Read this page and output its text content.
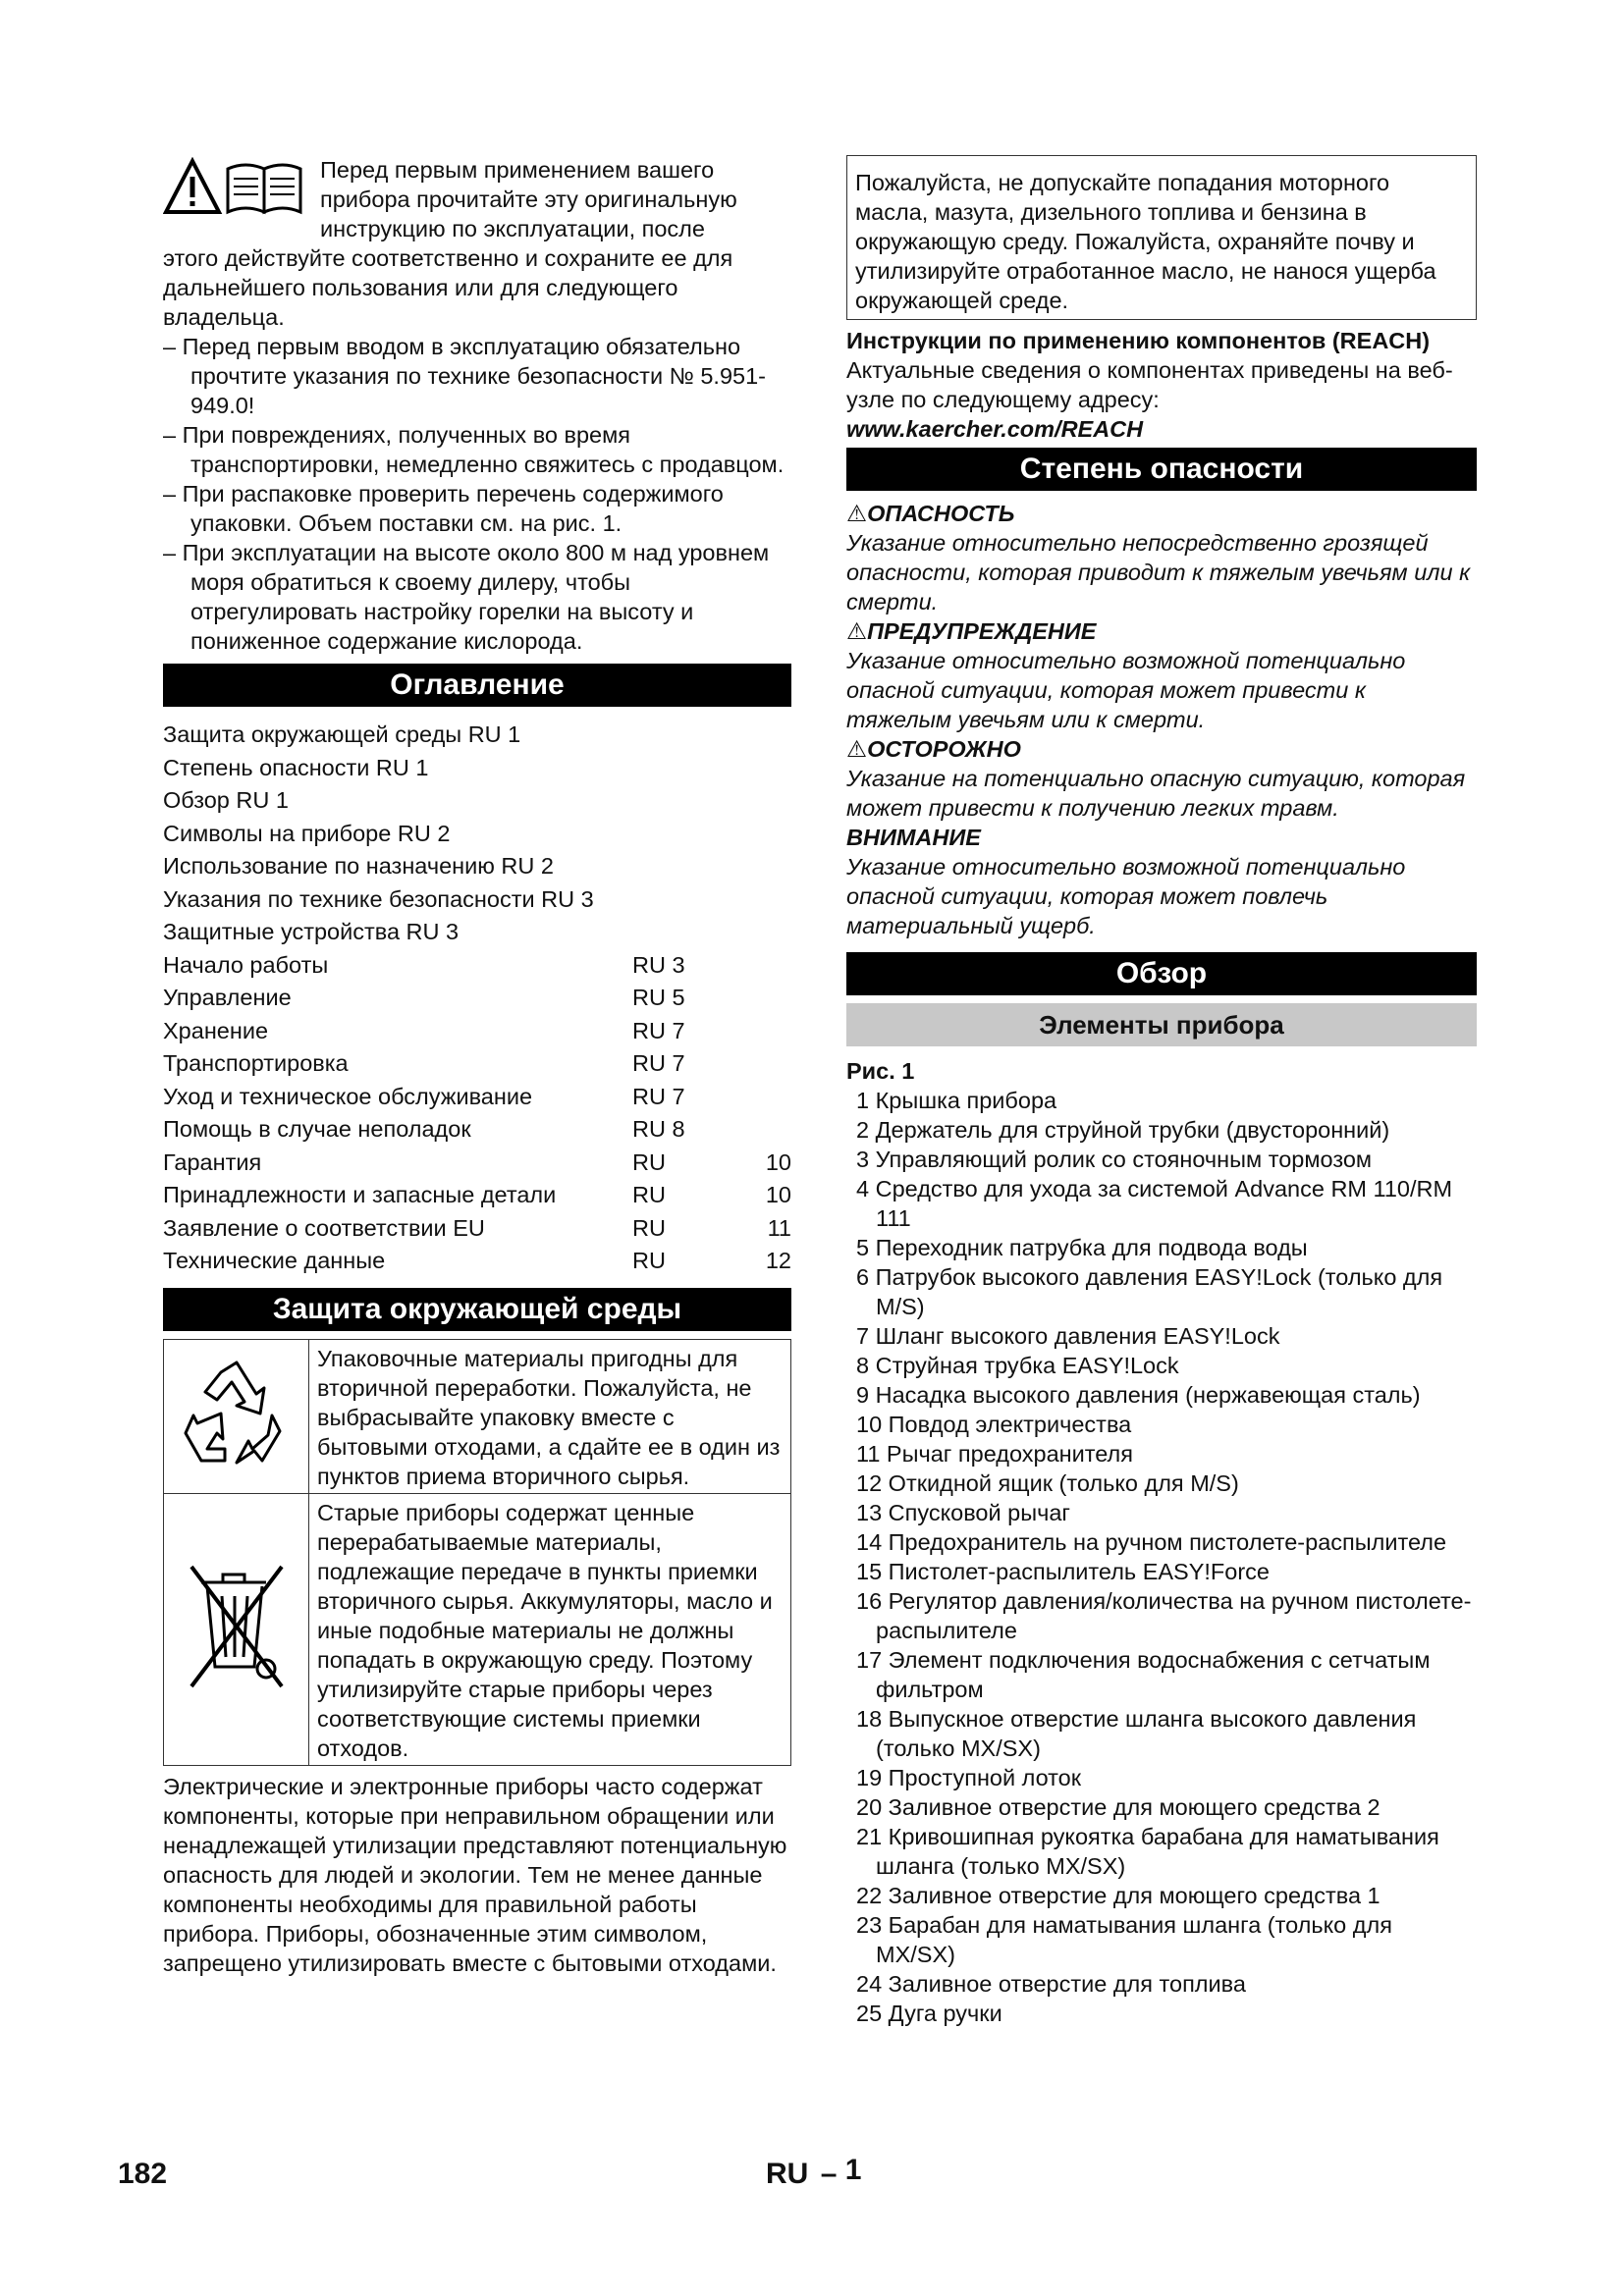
Перед первым применением вашего прибора прочитайте эту оригинальную инструкцию по эксплуатации, после

этого действуйте соответственно и сохраните ее для дальнейшего пользования или для следующего владельца.

– Перед первым вводом в эксплуатацию обязательно прочтите указания по технике безопасности № 5.951-949.0!

– При повреждениях, полученных во время транспортировки, немедленно свяжитесь с продавцом.

– При распаковке проверить перечень содержимого упаковки. Объем поставки см. на рис. 1.

– При эксплуатации на высоте около 800 м над уровнем моря обратиться к своему дилеру, чтобы отрегулировать настройку горелки на высоту и пониженное содержание кислорода.

Оглавление
Защита окружающей среды RU 1
Степень опасности RU 1
Обзор RU 1
Символы на приборе RU 2
Использование по назначению RU 2
Указания по технике безопасности RU 3
Защитные устройства RU 3
Начало работы	RU 3
Управление	RU 5
Хранение	RU 7
Транспортировка	RU 7
Уход и техническое обслуживание	RU 7
Помощь в случае неполадок	RU 8
Гарантия	RU	10
Принадлежности и запасные детали	RU	10
Заявление о соответствии EU	RU	11
Технические данные	RU	12
Защита окружающей среды
	Упаковочные материалы пригодны для вторичной переработки. Пожалуйста, не выбрасывайте упаковку вместе с бытовыми отходами, а сдайте ее в один из пунктов приема вторичного сырья.
	Старые приборы содержат ценные перерабатываемые материалы, подлежащие передаче в пункты приемки вторичного сырья. Аккумуляторы, масло и иные подобные материалы не должны попадать в окружающую среду. Поэтому утилизируйте старые приборы через соответствующие системы приемки отходов.

Электрические и электронные приборы часто содержат компоненты, которые при неправильном обращении или ненадлежащей утилизации представляют потенциальную опасность для людей и экологии. Тем не менее данные компоненты необходимы для правильной работы прибора. Приборы, обозначенные этим символом, запрещено утилизировать вместе с бытовыми отходами.

Пожалуйста, не допускайте попадания моторного масла, мазута, дизельного топлива и бензина в окружающую среду. Пожалуйста, охраняйте почву и утилизируйте отработанное масло, не нанося ущерба окружающей среде.

Инструкции по применению компонентов (REACH)

Актуальные сведения о компонентах приведены на веб-узле по следующему адресу:

www.kaercher.com/REACH

Степень опасности

⚠ОПАСНОСТЬ

Указание относительно непосредственно грозящей опасности, которая приводит к тяжелым увечьям или к смерти.

⚠ПРЕДУПРЕЖДЕНИЕ

Указание относительно возможной потенциально опасной ситуации, которая может привести к тяжелым увечьям или к смерти.

⚠ОСТОРОЖНО

Указание на потенциально опасную ситуацию, которая может привести к получению легких травм.

ВНИМАНИЕ

Указание относительно возможной потенциально опасной ситуации, которая может повлечь материальный ущерб.

Обзор
Элементы прибора

Рис. 1

1 Крышка прибора

2 Держатель для струйной трубки (двусторонний)

3 Управляющий ролик со стояночным тормозом

4 Средство для ухода за системой Advance RM 110/RM 111

5 Переходник патрубка для подвода воды

6 Патрубок высокого давления EASY!Lock (только для M/S)

7 Шланг высокого давления EASY!Lock

8 Струйная трубка EASY!Lock

9 Насадка высокого давления (нержавеющая сталь)

10 Повдод электричества

11 Рычаг предохранителя

12 Откидной ящик (только для M/S)

13 Спусковой рычаг

14 Предохранитель на ручном пистолете-распылителе

15 Пистолет-распылитель EASY!Force

16 Регулятор давления/количества на ручном пистолете-распылителе

17 Элемент подключения водоснабжения с сетчатым фильтром

18 Выпускное отверстие шланга высокого давления (только MX/SX)

19 Проступной лоток

20 Заливное отверстие для моющего средства 2

21 Кривошипная рукоятка барабана для наматывания шланга (только MX/SX)

22 Заливное отверстие для моющего средства 1

23 Барабан для наматывания шланга (только для MX/SX)

24 Заливное отверстие для топлива

25 Дуга ручки

182	RU – 1
